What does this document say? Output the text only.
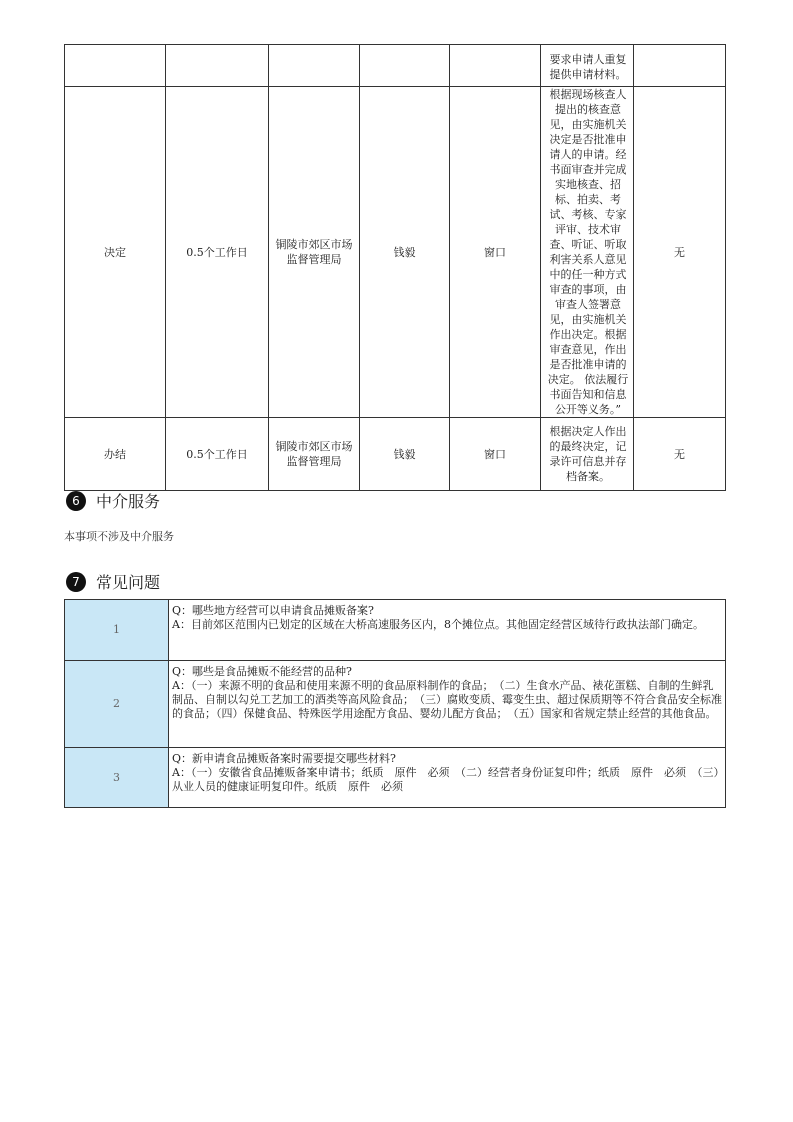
					要求申请人重复提供申请材料。	

决定	0.5个工作日	铜陵市郊区市场监督管理局	钱毅	窗口	根据现场核查人提出的核查意见，由实施机关决定是否批准申请人的申请。经书面审查并完成实地核查、招标、拍卖、考试、考核、专家评审、技术审查、听证、听取利害关系人意见中的任一种方式审查的事项，由审查人签署意见，由实施机关作出决定。根据审查意见，作出是否批准申请的决定。 依法履行书面告知和信息公开等义务。”	无
办结	0.5个工作日	铜陵市郊区市场监督管理局	钱毅	窗口	根据决定人作出的最终决定，记录许可信息并存档备案。	无
6	中介服务
本事项不涉及中介服务
7	常见问题
1	Q：哪些地方经营可以申请食品摊贩备案?
A：目前郊区范围内已划定的区域在大桥高速服务区内，8个摊位点。其他固定经营区域待行政执法部门确定。

2	Q：哪些是食品摊贩不能经营的品种?
A：（一）来源不明的食品和使用来源不明的食品原料制作的食品；　（二）生食水产品、裱花蛋糕、自制的生鲜乳制品、自制以勾兑工艺加工的酒类等高风险食品；　（三）腐败变质、霉变生虫、超过保质期等不符合食品安全标准的食品；（四）保健食品、特殊医学用途配方食品、婴幼儿配方食品；　（五）国家和省规定禁止经营的其他食品。

3	Q：新申请食品摊贩备案时需要提交哪些材料?
A：（一）安徽省食品摊贩备案申请书；纸质　原件　必须　（二）经营者身份证复印件；纸质　原件　必须　（三）从业人员的健康证明复印件。纸质　原件　必须
